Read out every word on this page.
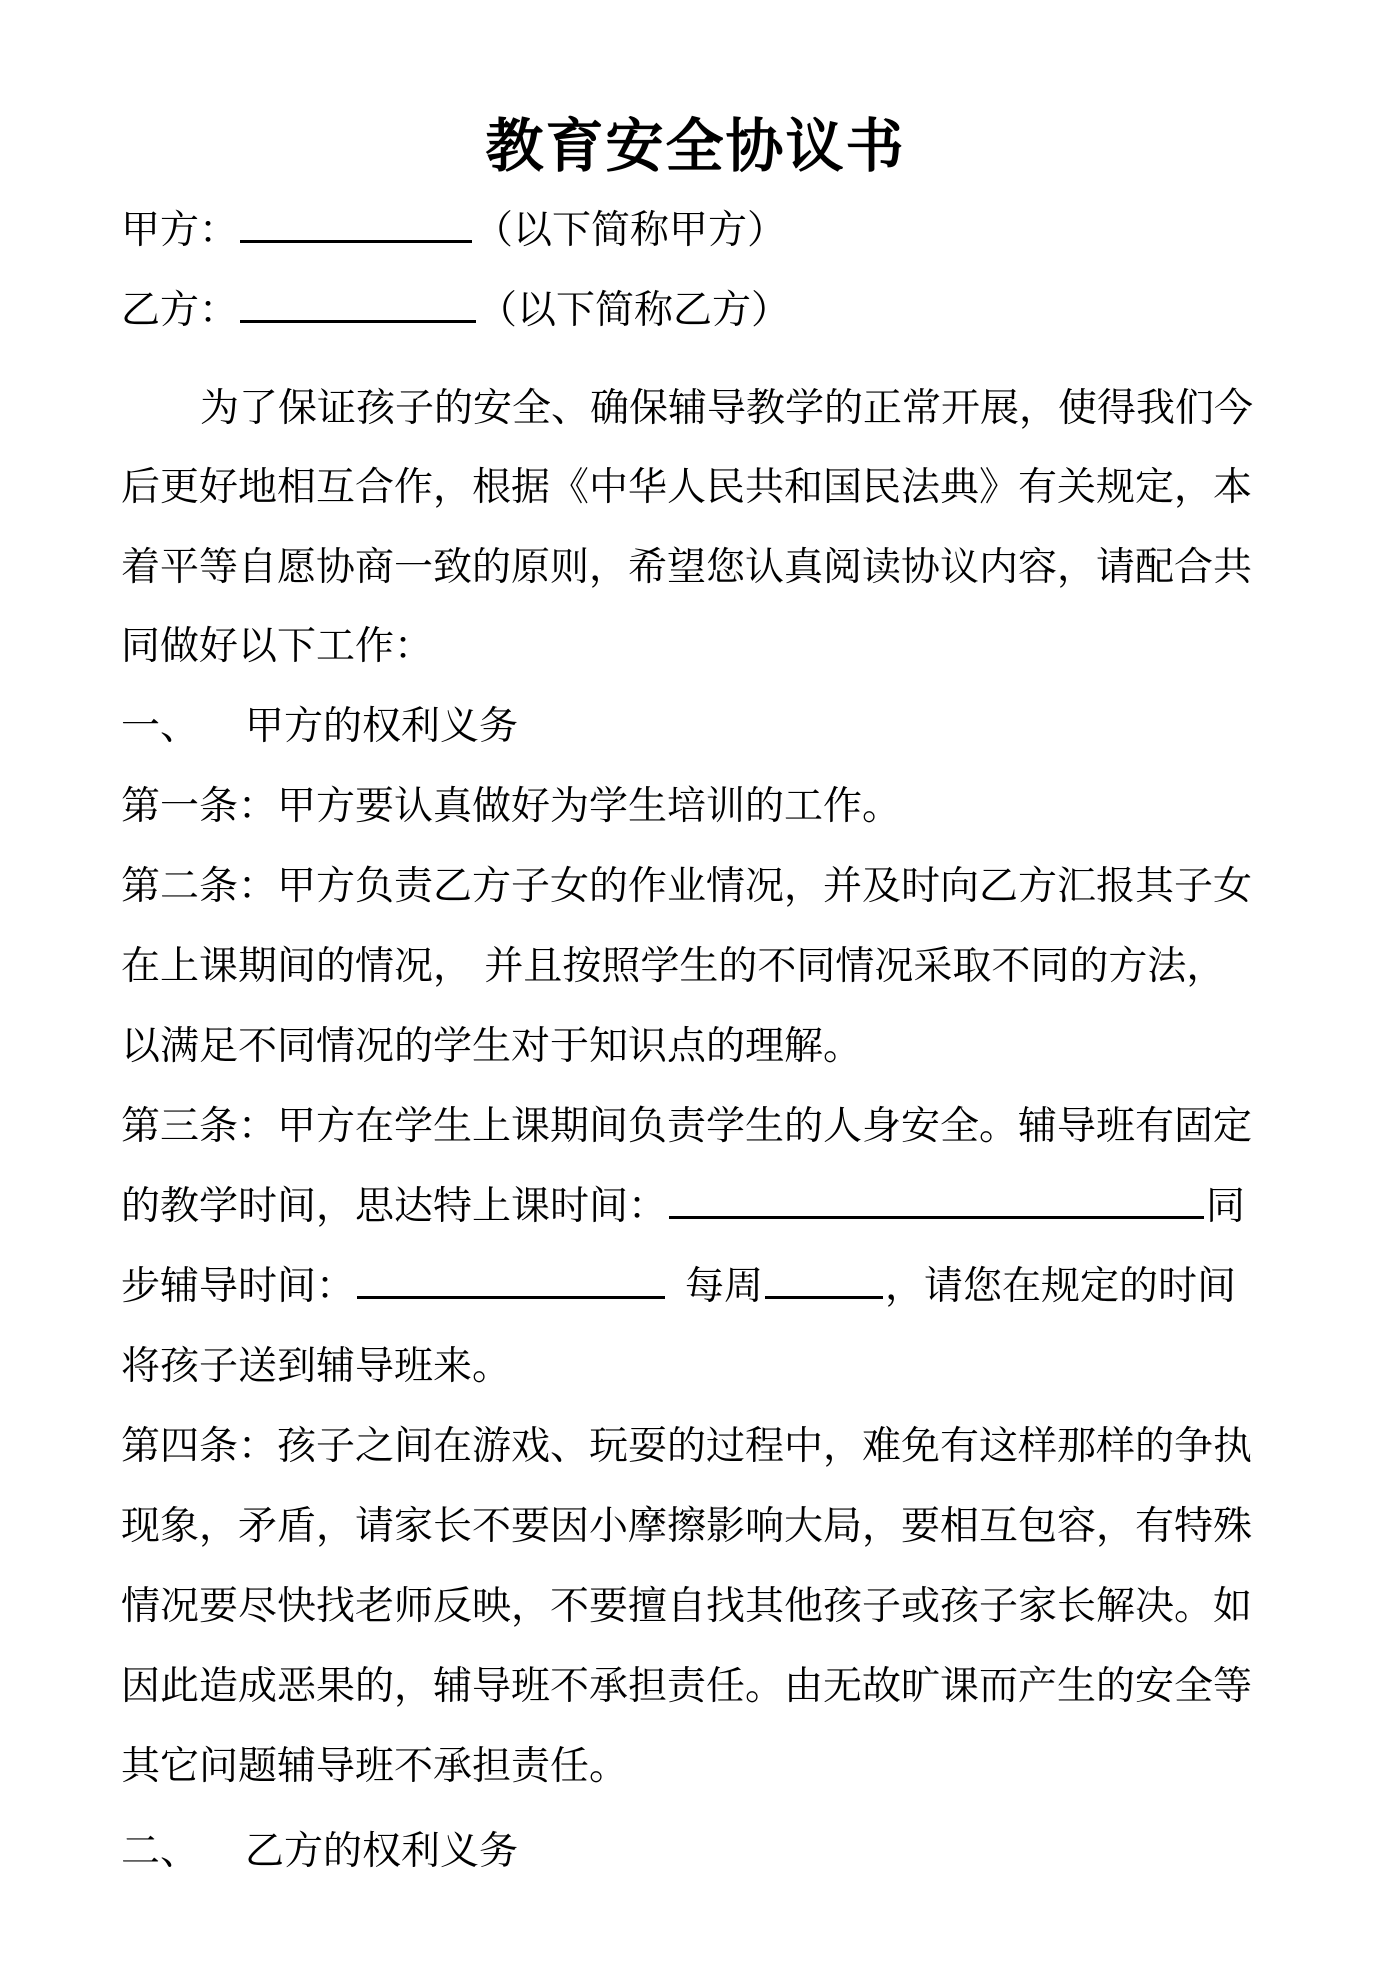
教育安全协议书
甲方：	（以下简称甲方）
乙方：	（以下简称乙方）
为了保证孩子的安全、确保辅导教学的正常开展，使得我们今
后更好地相互合作，根据《中华人民共和国民法典》有关规定，本
着平等自愿协商一致的原则，希望您认真阅读协议内容，请配合共
同做好以下工作：
一、 甲方的权利义务
第一条：甲方要认真做好为学生培训的工作。
第二条：甲方负责乙方子女的作业情况，并及时向乙方汇报其子女
在上课期间的情况， 并且按照学生的不同情况采取不同的方法，
以满足不同情况的学生对于知识点的理解。
第三条：甲方在学生上课期间负责学生的人身安全。辅导班有固定
的教学时间，思达特上课时间：	同
步辅导时间：	每周	，请您在规定的时间
将孩子送到辅导班来。
第四条：孩子之间在游戏、玩耍的过程中，难免有这样那样的争执
现象，矛盾，请家长不要因小摩擦影响大局，要相互包容，有特殊
情况要尽快找老师反映，不要擅自找其他孩子或孩子家长解决。如
因此造成恶果的，辅导班不承担责任。由无故旷课而产生的安全等
其它问题辅导班不承担责任。
二、 乙方的权利义务
